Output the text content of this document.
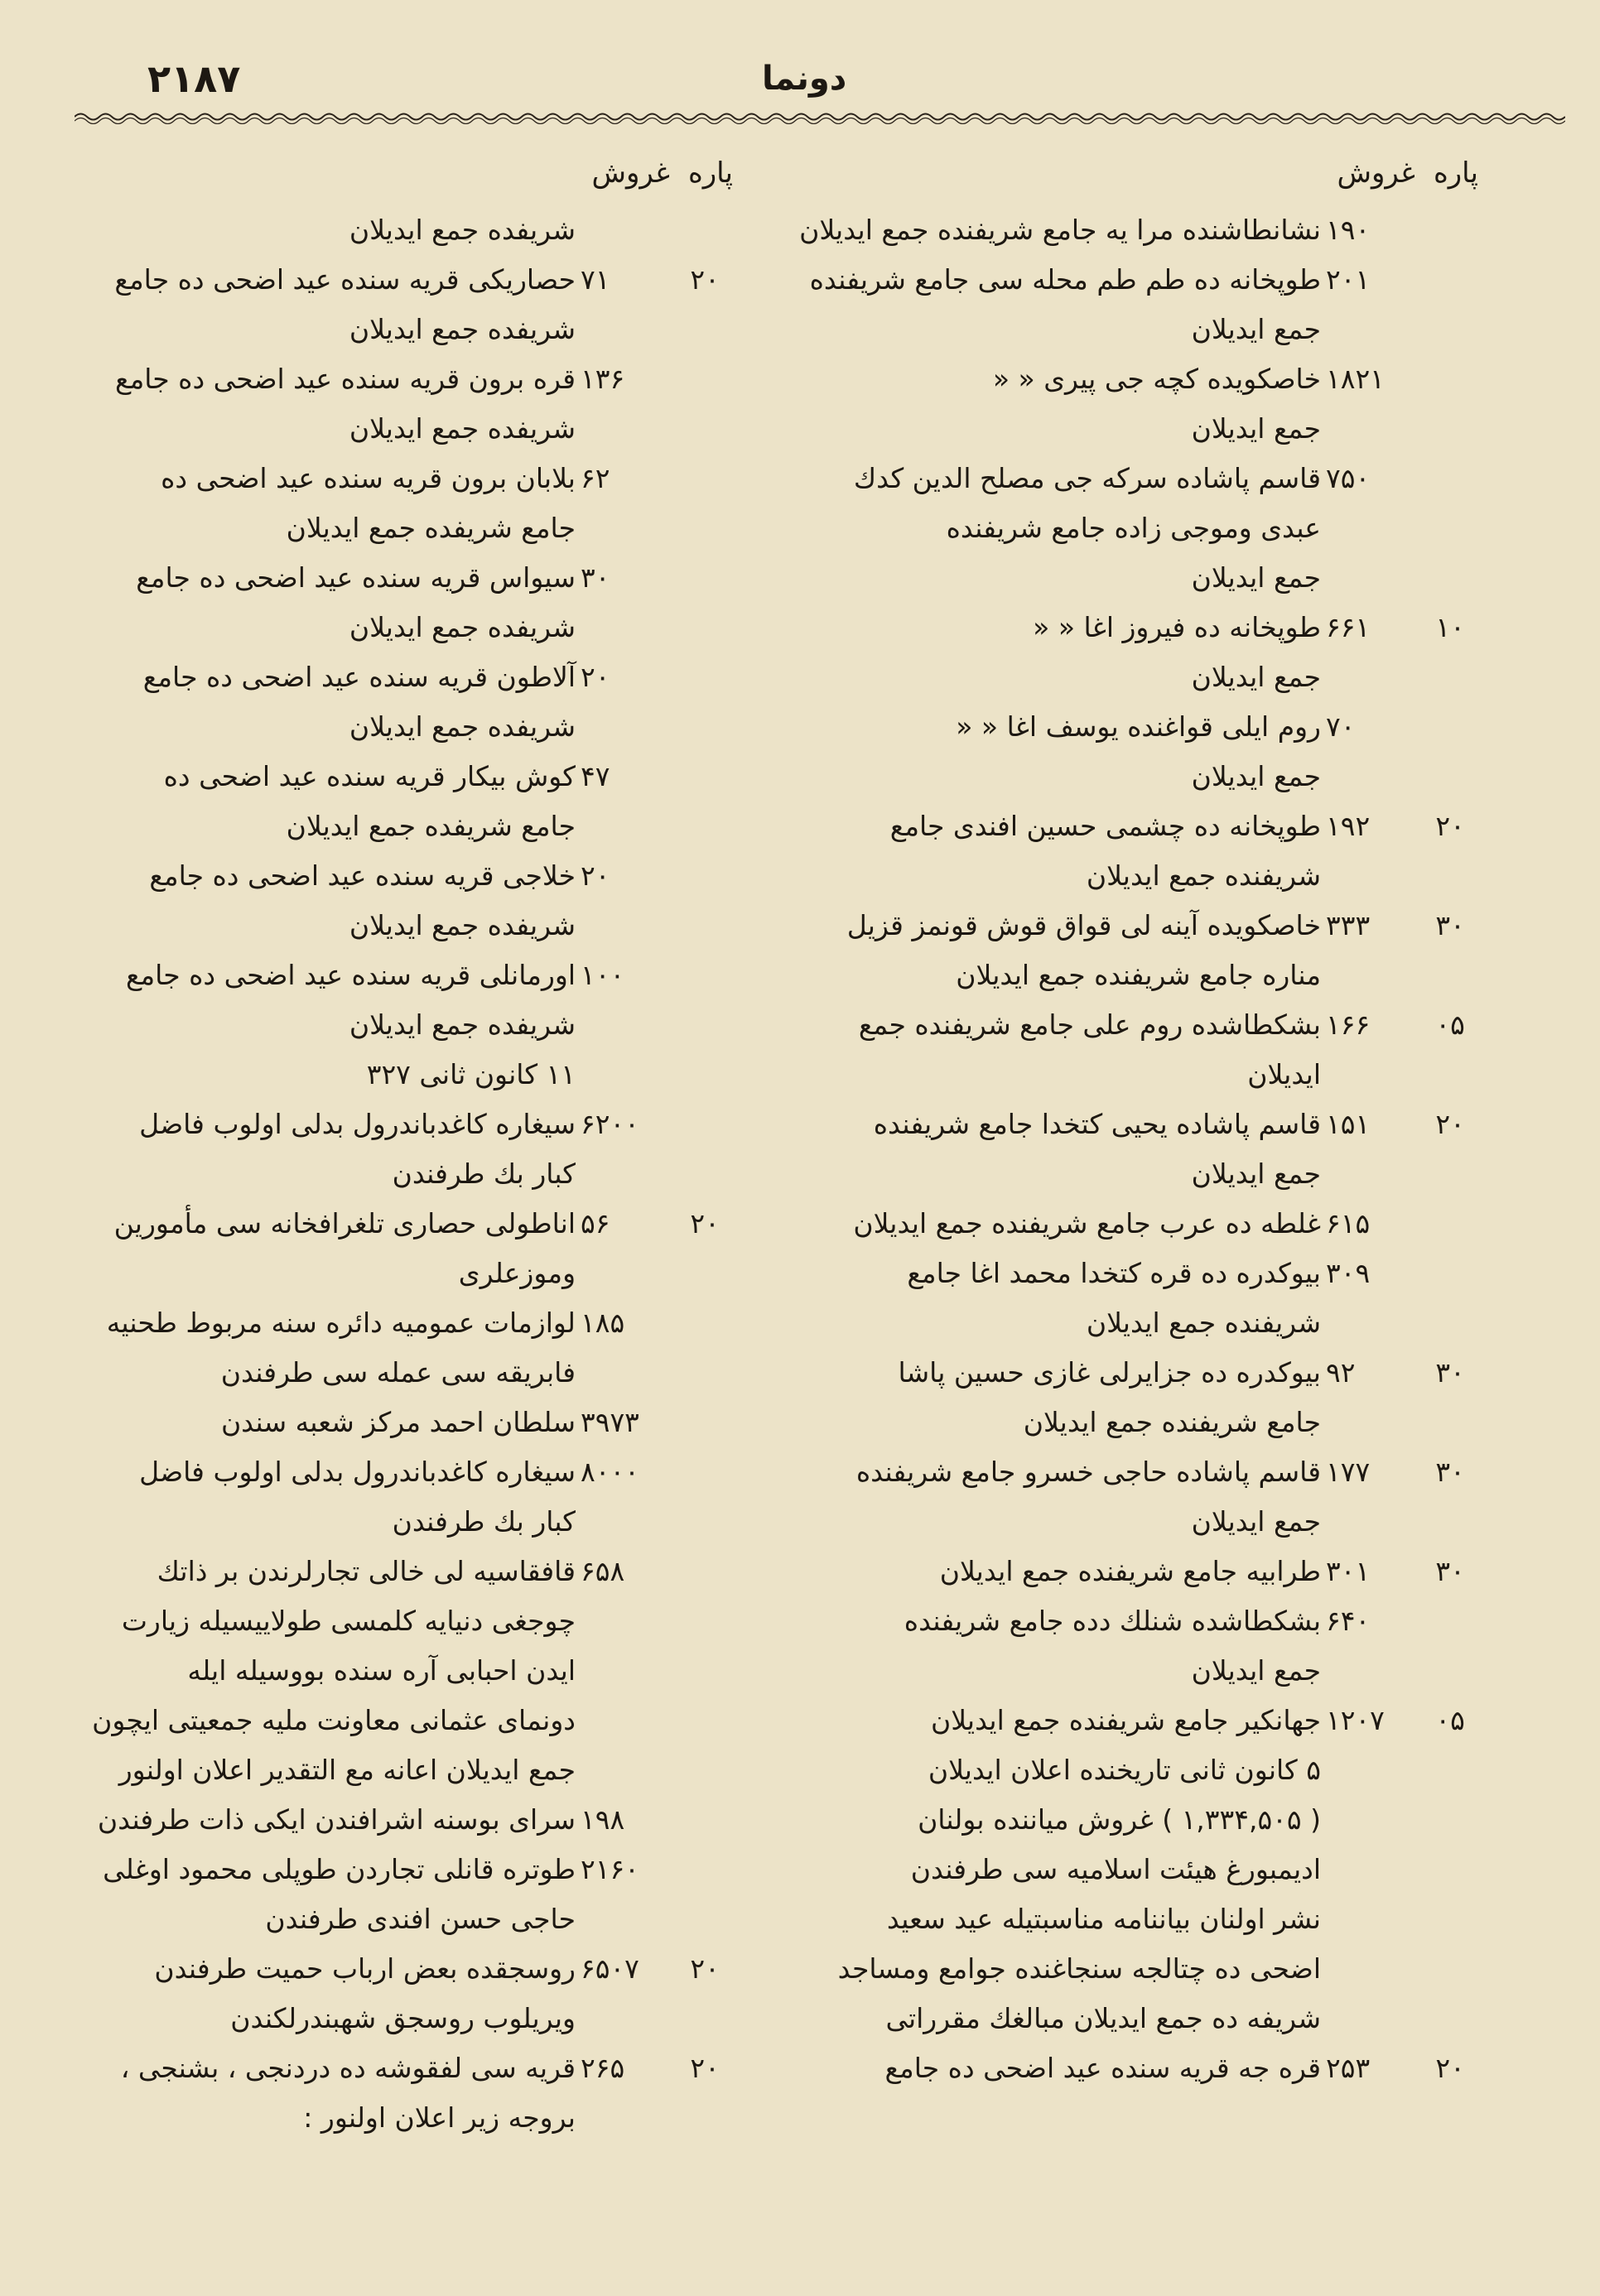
۲۱۸۷	دونما
پاره
غروش
۱۹۰
نشانطاشنده مرا یه جامع شریفنده جمع ایدیلان
۲۰۱
طوپخانه ده طم طم محله سی جامع شریفنده
جمع ایدیلان
۱۸۲۱
خاصکویده کچه جی پیری « «
جمع ایدیلان
۷۵۰
قاسم پاشاده سرکه جی مصلح الدین کدك
عبدی وموجی زاده جامع شریفنده
جمع ایدیلان
۱۰
۶۶۱
طوپخانه ده فیروز اغا « «
جمع ایدیلان
۷۰
روم ایلی قواغنده یوسف اغا « «
جمع ایدیلان
۲۰
۱۹۲
طوپخانه ده چشمی حسین افندی جامع
شریفنده جمع ایدیلان
۳۰
۳۳۳
خاصکویده آینه لی قواق قوش قونمز قزیل
مناره جامع شریفنده جمع ایدیلان
۰۵
۱۶۶
بشکطاشده روم علی جامع شریفنده جمع
ایدیلان
۲۰
۱۵۱
قاسم پاشاده یحیی کتخدا جامع شریفنده
جمع ایدیلان
۶۱۵
غلطه ده عرب جامع شریفنده جمع ایدیلان
۳۰۹
بیوکدره ده قره کتخدا محمد اغا جامع
شریفنده جمع ایدیلان
۳۰
۹۲
بیوکدره ده جزایرلی غازی حسین پاشا
جامع شریفنده جمع ایدیلان
۳۰
۱۷۷
قاسم پاشاده حاجی خسرو جامع شریفنده
جمع ایدیلان
۳۰
۳۰۱
طرابیه جامع شریفنده جمع ایدیلان
۶۴۰
بشکطاشده شنلك دده جامع شریفنده
جمع ایدیلان
۰۵
۱۲۰۷
جهانکیر جامع شریفنده جمع ایدیلان
۵ کانون ثانی تاریخنده اعلان ایدیلان
( ۱,۳۳۴,۵۰۵ ) غروش میاننده بولنان
ادیمبورغ هیئت اسلامیه سی طرفندن
نشر اولنان بیاننامه مناسبتیله عید سعید
اضحی ده چتالجه سنجاغنده جوامع ومساجد
شریفه ده جمع ایدیلان مبالغك مقرراتی
۲۰
۲۵۳
قره جه قریه سنده عید اضحی ده جامع
پاره
غروش
شریفده جمع ایدیلان
۲۰
۷۱
حصاریکی قریه سنده عید اضحی ده جامع
شریفده جمع ایدیلان
۱۳۶
قره برون قریه سنده عید اضحی ده جامع
شریفده جمع ایدیلان
۶۲
بلابان برون قریه سنده عید اضحی ده
جامع شریفده جمع ایدیلان
۳۰
سیواس قریه سنده عید اضحی ده جامع
شریفده جمع ایدیلان
۲۰
آلاطون قریه سنده عید اضحی ده جامع
شریفده جمع ایدیلان
۴۷
کوش بیکار قریه سنده عید اضحی ده
جامع شریفده جمع ایدیلان
۲۰
خلاجی قریه سنده عید اضحی ده جامع
شریفده جمع ایدیلان
۱۰۰
اورمانلی قریه سنده عید اضحی ده جامع
شریفده جمع ایدیلان
۱۱ کانون ثانی ۳۲۷
۶۲۰۰
سیغاره کاغدباندرول بدلی اولوب فاضل
کبار بك طرفندن
۲۰
۵۶
اناطولی حصاری تلغرافخانه سی مأمورین
وموزعلری
۱۸۵
لوازمات عمومیه دائره سنه مربوط طحنیه
فابریقه سی عمله سی طرفندن
۳۹۷۳
سلطان احمد مرکز شعبه سندن
۸۰۰۰
سیغاره کاغدباندرول بدلی اولوب فاضل
کبار بك طرفندن
۶۵۸
قافقاسیه لی خالی تجارلرندن بر ذاتك
چوجغی دنیایه کلمسی طولاییسیله زیارت
ایدن احبابی آره سنده بووسیله ایله
دونمای عثمانی معاونت ملیه جمعیتی ایچون
جمع ایدیلان اعانه مع التقدیر اعلان اولنور
۱۹۸
سرای بوسنه اشرافندن ایکی ذات طرفندن
۲۱۶۰
طوتره قانلی تجاردن طوپلی محمود اوغلی
حاجی حسن افندی طرفندن
۲۰
۶۵۰۷
روسجقده بعض ارباب حمیت طرفندن
ویریلوب روسجق شهبندرلکندن
۲۰
۲۶۵
قریه سی لفقوشه ده دردنجی ، بشنجی ،
بروجه زیر اعلان اولنور :
